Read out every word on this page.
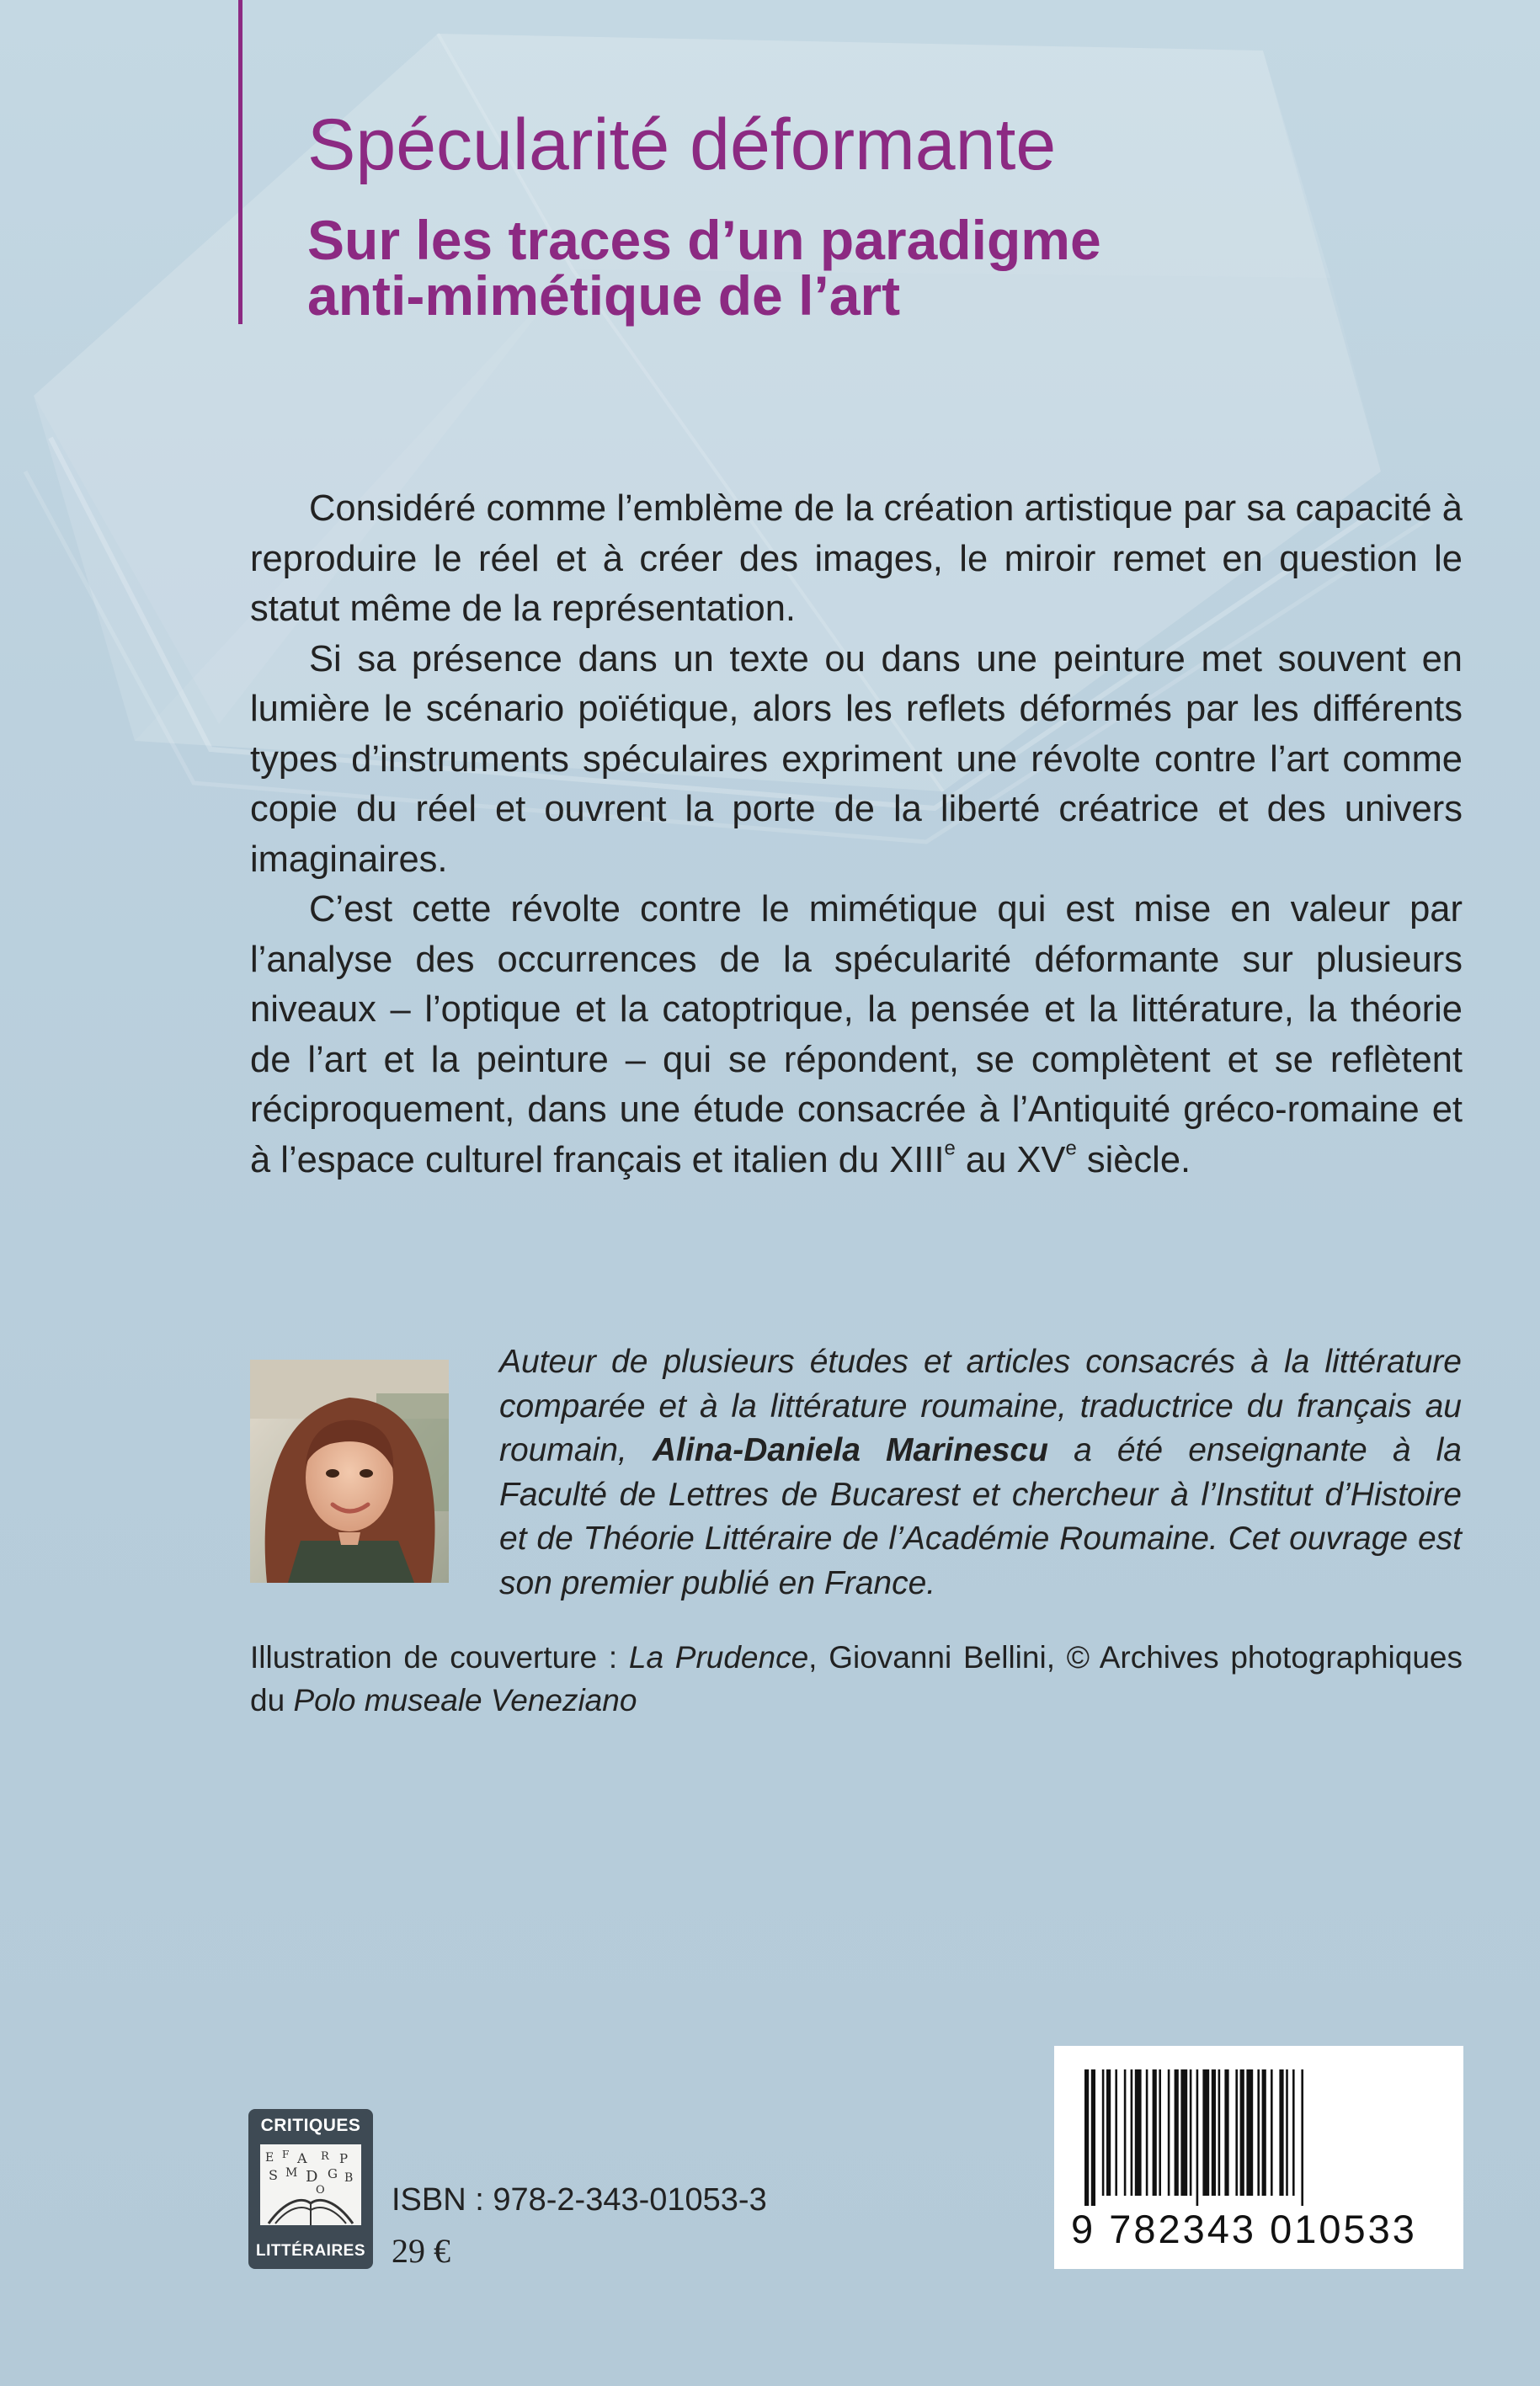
Spécularité déformante
Sur les traces d’un paradigme
anti-mimétique de l’art

Considéré comme l’emblème de la création artistique par sa capacité à reproduire le réel et à créer des images, le miroir remet en question le statut même de la représentation.

Si sa présence dans un texte ou dans une peinture met souvent en lumière le scénario poïétique, alors les reflets déformés par les différents types d’instruments spéculaires expriment une révolte contre l’art comme copie du réel et ouvrent la porte de la liberté créatrice et des univers imaginaires.

C’est cette révolte contre le mimétique qui est mise en valeur par l’analyse des occurrences de la spécularité déformante sur plusieurs niveaux – l’optique et la catoptrique, la pensée et la littérature, la théorie de l’art et la peinture – qui se répondent, se complètent et se reflètent réciproquement, dans une étude consacrée à l’Antiquité gréco-romaine et à l’espace culturel français et italien du XIIIe au XVe siècle.

Auteur de plusieurs études et articles consacrés à la littérature comparée et à la littérature roumaine, traductrice du français au roumain, Alina-Daniela Marinescu a été enseignante à la Faculté de Lettres de Bucarest et chercheur à l’Institut d’Histoire et de Théorie Littéraire de l’Académie Roumaine. Cet ouvrage est son premier publié en France.

Illustration de couverture : La Prudence, Giovanni Bellini, © Archives photographiques du Polo museale Veneziano

CRITIQUES
E F A R P
S M D G B
O
LITTÉRAIRES

ISBN : 978-2-343-01053-3

29 €	9 782343 010533
